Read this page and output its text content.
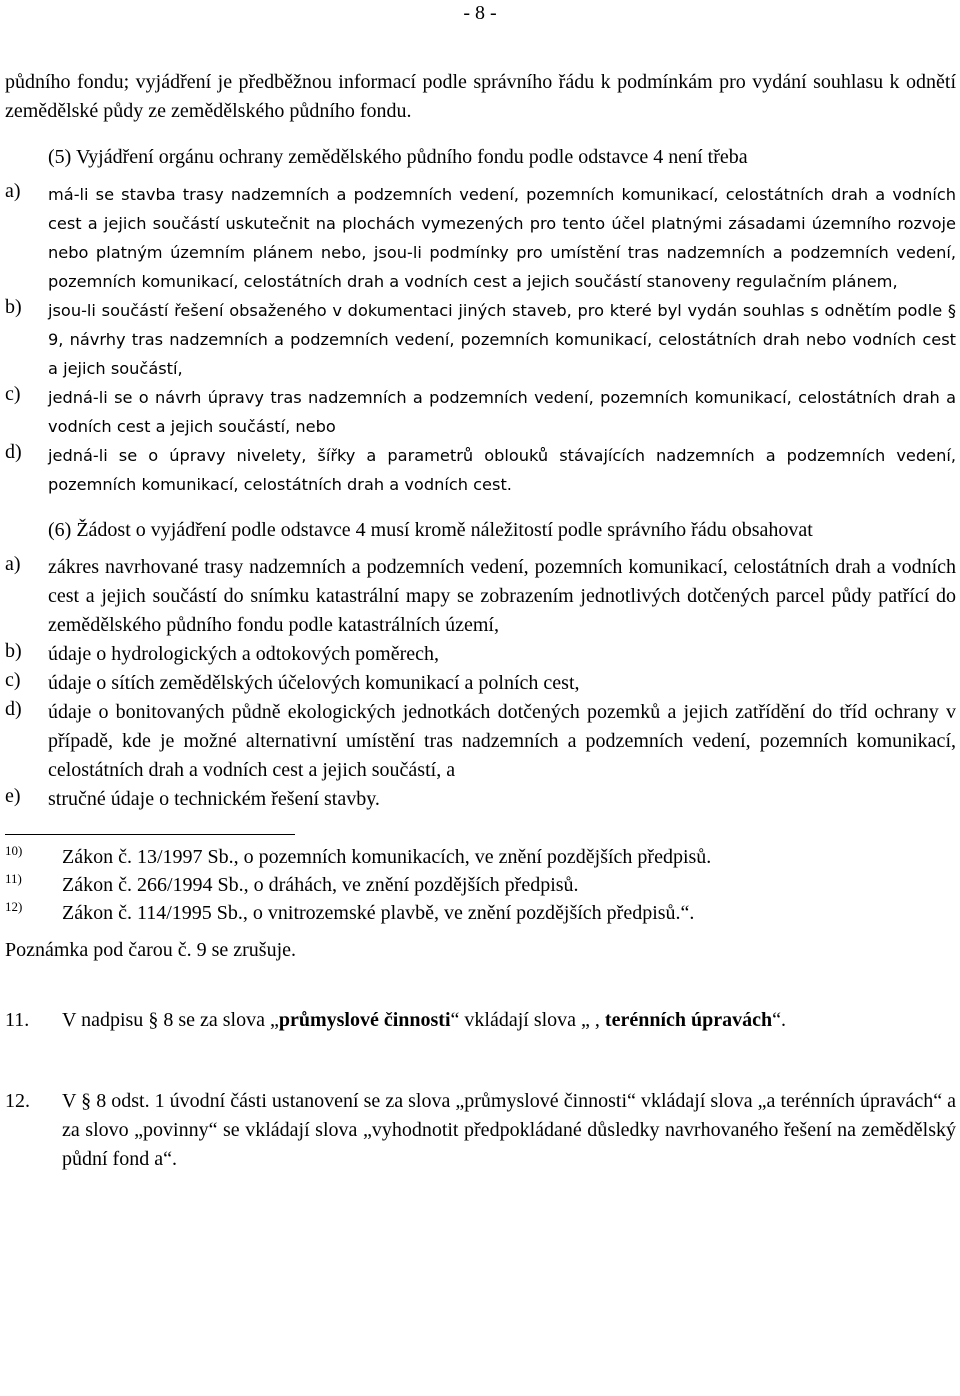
- 8 -

půdního fondu; vyjádření je předběžnou informací podle správního řádu k podmínkám pro vydání souhlasu k odnětí zemědělské půdy ze zemědělského půdního fondu.

(5) Vyjádření orgánu ochrany zemědělského půdního fondu podle odstavce 4 není třeba

a)	má-li se stavba trasy nadzemních a podzemních vedení, pozemních komunikací, celostátních drah a vodních cest a jejich součástí uskutečnit na plochách vymezených pro tento účel platnými zásadami územního rozvoje nebo platným územním plánem nebo, jsou-li podmínky pro umístění tras nadzemních a podzemních vedení, pozemních komunikací, celostátních drah a vodních cest a jejich součástí stanoveny regulačním plánem,
b)	jsou-li součástí řešení obsaženého v dokumentaci jiných staveb, pro které byl vydán souhlas s odnětím podle § 9, návrhy tras nadzemních a podzemních vedení, pozemních komunikací, celostátních drah nebo vodních cest a jejich součástí,
c)	jedná-li se o návrh úpravy tras nadzemních a podzemních vedení, pozemních komunikací, celostátních drah a vodních cest a jejich součástí, nebo
d)	jedná-li se o úpravy nivelety, šířky a parametrů oblouků stávajících nadzemních a podzemních vedení, pozemních komunikací, celostátních drah a vodních cest.

(6) Žádost o vyjádření podle odstavce 4 musí kromě náležitostí podle správního řádu obsahovat

a)	zákres navrhované trasy nadzemních a podzemních vedení, pozemních komunikací, celostátních drah a vodních cest a jejich součástí do snímku katastrální mapy se zobrazením jednotlivých dotčených parcel půdy patřící do zemědělského půdního fondu podle katastrálních území,
b)	údaje o hydrologických a odtokových poměrech,
c)	údaje o sítích zemědělských účelových komunikací a polních cest,
d)	údaje o bonitovaných půdně ekologických jednotkách dotčených pozemků a jejich zatřídění do tříd ochrany v případě, kde je možné alternativní umístění tras nadzemních a podzemních vedení, pozemních komunikací, celostátních drah a vodních cest a jejich součástí, a
e)	stručné údaje o technickém řešení stavby.
10)	Zákon č. 13/1997 Sb., o pozemních komunikacích, ve znění pozdějších předpisů.
11)	Zákon č. 266/1994 Sb., o dráhách, ve znění pozdějších předpisů.
12)	Zákon č. 114/1995 Sb., o vnitrozemské plavbě, ve znění pozdějších předpisů.“.

Poznámka pod čarou č. 9 se zrušuje.

11.	V nadpisu § 8 se za slova „průmyslové činnosti“ vkládají slova „ , terénních úpravách“.
12.	V § 8 odst. 1 úvodní části ustanovení se za slova „průmyslové činnosti“ vkládají slova „a terénních úpravách“ a za slovo „povinny“ se vkládají slova „vyhodnotit předpokládané důsledky navrhovaného řešení na zemědělský půdní fond a“.
